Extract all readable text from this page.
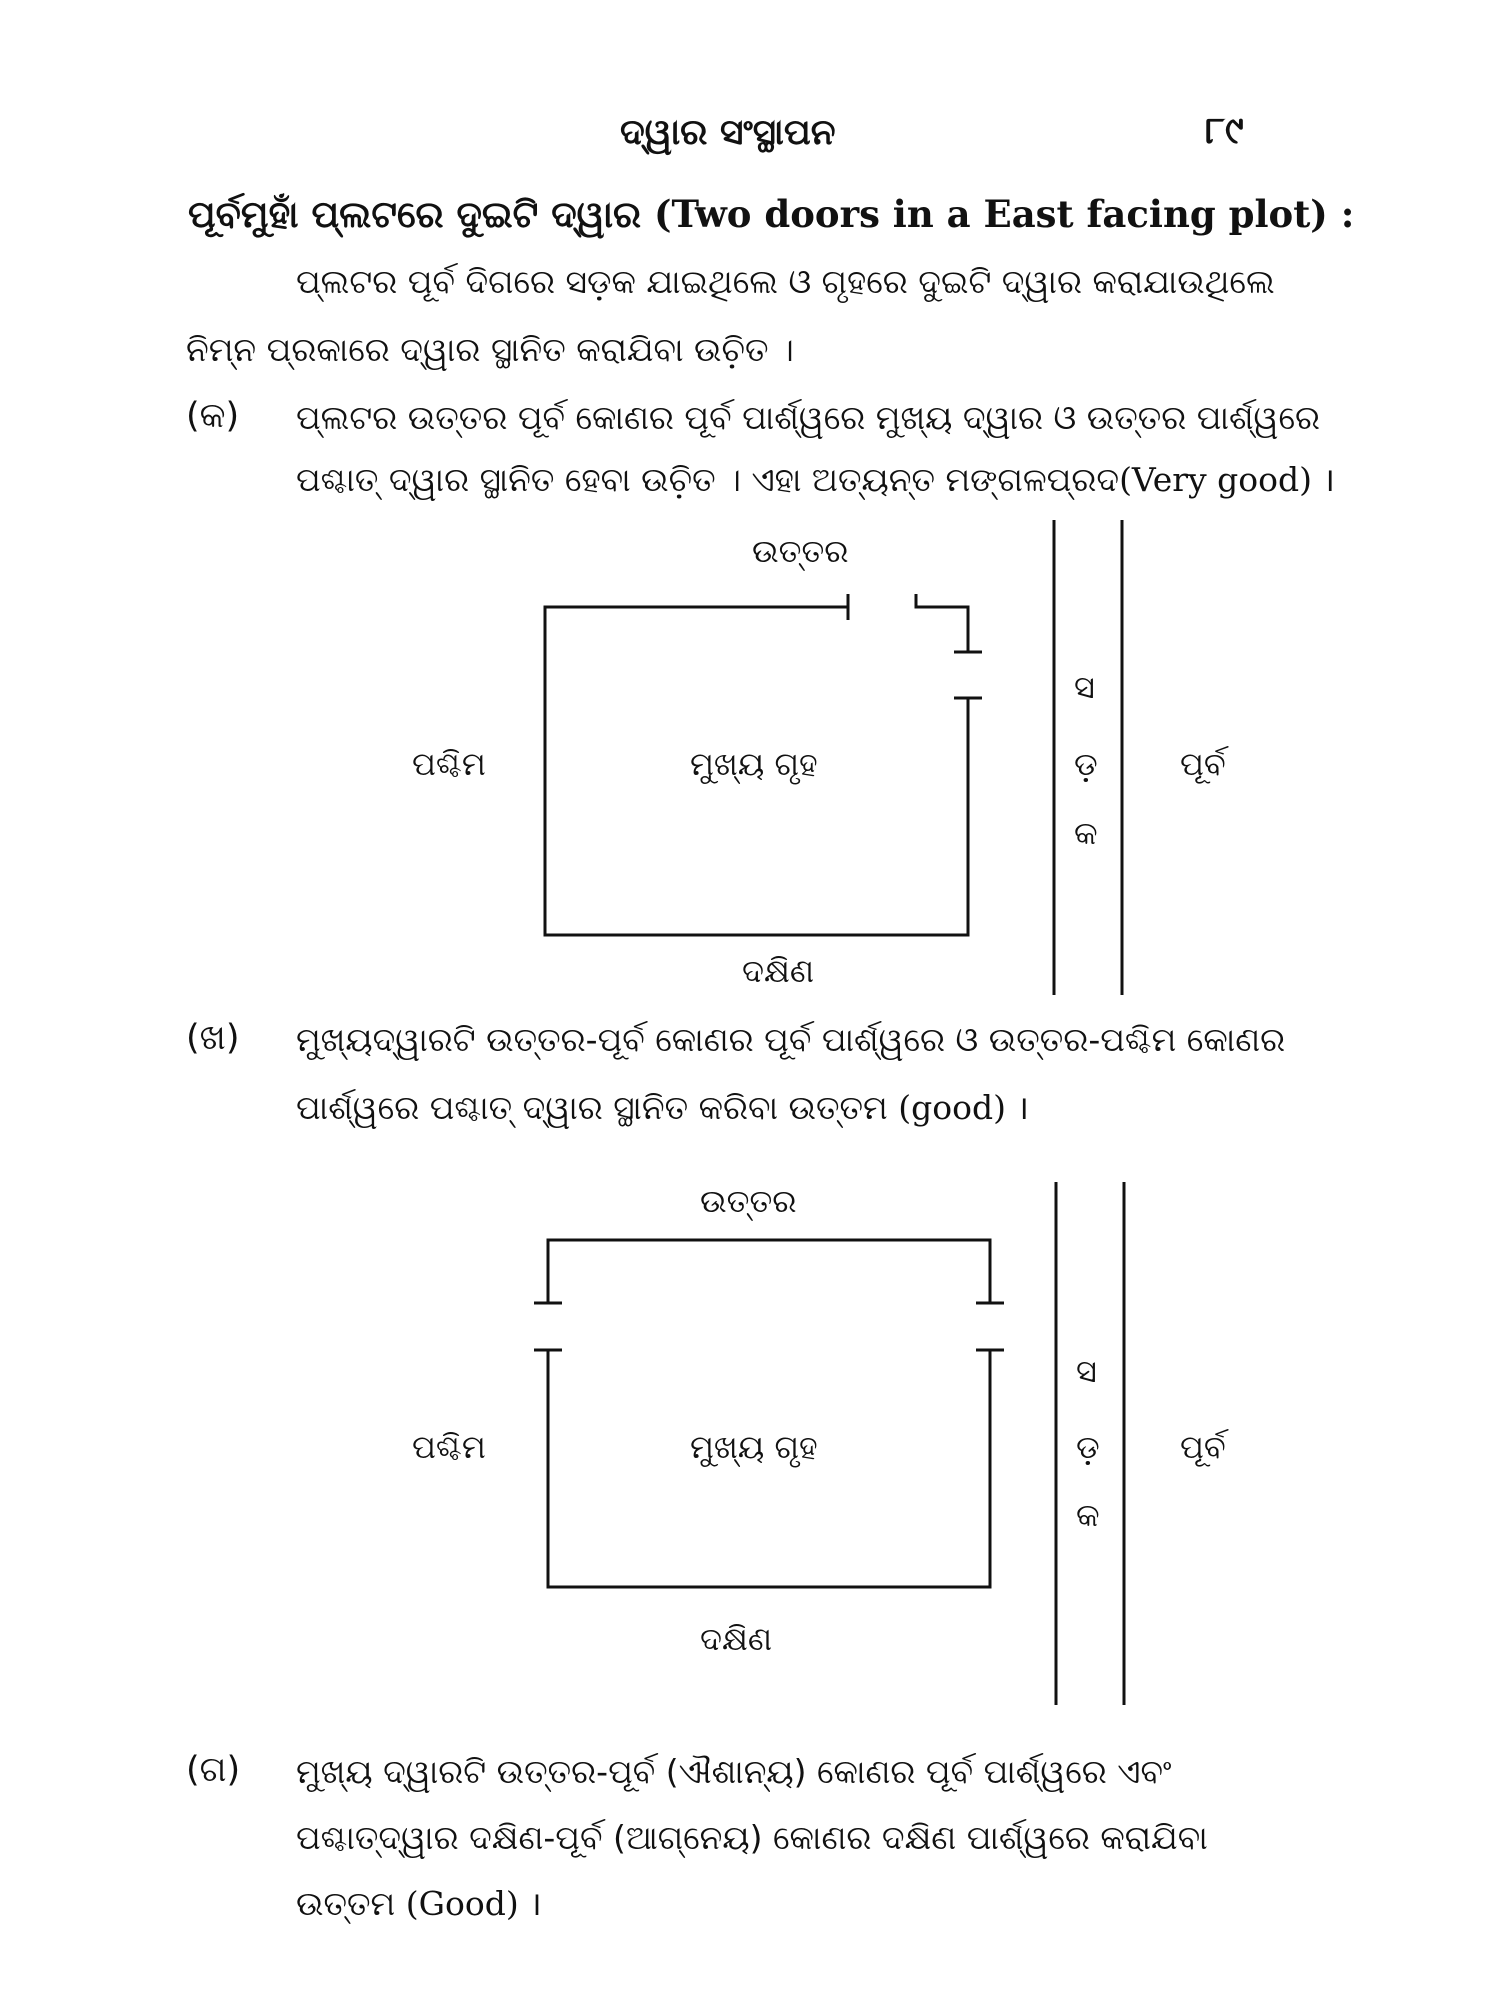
ଦ୍ୱାର ସଂସ୍ଥାପନ	୮୯
ପୂର୍ବମୁହାଁ ପ୍ଲଟରେ ଦୁଇଟି ଦ୍ୱାର (Two doors in a East facing plot) :
ପ୍ଲଟର ପୂର୍ବ ଦିଗରେ ସଡ଼କ ଯାଇଥିଲେ ଓ ଗୃହରେ ଦୁଇଟି ଦ୍ୱାର କରାଯାଉଥିଲେ
ନିମ୍ନ ପ୍ରକାରେ ଦ୍ୱାର ସ୍ଥାନିତ କରାଯିବା ଉଚ଼ିତ ।
(କ) ପ୍ଲଟର ଉତ୍ତର ପୂର୍ବ କୋଣର ପୂର୍ବ ପାର୍ଶ୍ୱରେ ମୁଖ୍ୟ ଦ୍ୱାର ଓ ଉତ୍ତର ପାର୍ଶ୍ୱରେ
ପଶ୍ଚାତ୍ ଦ୍ୱାର ସ୍ଥାନିତ ହେବା ଉଚ଼ିତ । ଏହା ଅତ୍ୟନ୍ତ ମଙ୍ଗଳପ୍ରଦ(Very good) ।
ଉତ୍ତର
ପଶ୍ଚିମ	ମୁଖ୍ୟ ଗୃହ	ପୂର୍ବ
ଦକ୍ଷିଣ
ସ
ଡ଼
କ
(ଖ) ମୁଖ୍ୟଦ୍ୱାରଟି ଉତ୍ତର-ପୂର୍ବ କୋଣର ପୂର୍ବ ପାର୍ଶ୍ୱରେ ଓ ଉତ୍ତର-ପଶ୍ଚିମ କୋଣର
ପାର୍ଶ୍ୱରେ ପଶ୍ଚାତ୍ ଦ୍ୱାର ସ୍ଥାନିତ କରିବା ଉତ୍ତମ (good) ।
ଉତ୍ତର
ପଶ୍ଚିମ	ମୁଖ୍ୟ ଗୃହ	ପୂର୍ବ
ଦକ୍ଷିଣ
ସ
ଡ଼
କ
(ଗ) ମୁଖ୍ୟ ଦ୍ୱାରଟି ଉତ୍ତର-ପୂର୍ବ (ଐଶାନ୍ୟ) କୋଣର ପୂର୍ବ ପାର୍ଶ୍ୱରେ ଏବଂ
ପଶ୍ଚାତ୍ଦ୍ୱାର ଦକ୍ଷିଣ-ପୂର୍ବ (ଆଗ୍ନେୟ) କୋଣର ଦକ୍ଷିଣ ପାର୍ଶ୍ୱରେ କରାଯିବା
ଉତ୍ତମ (Good) ।
